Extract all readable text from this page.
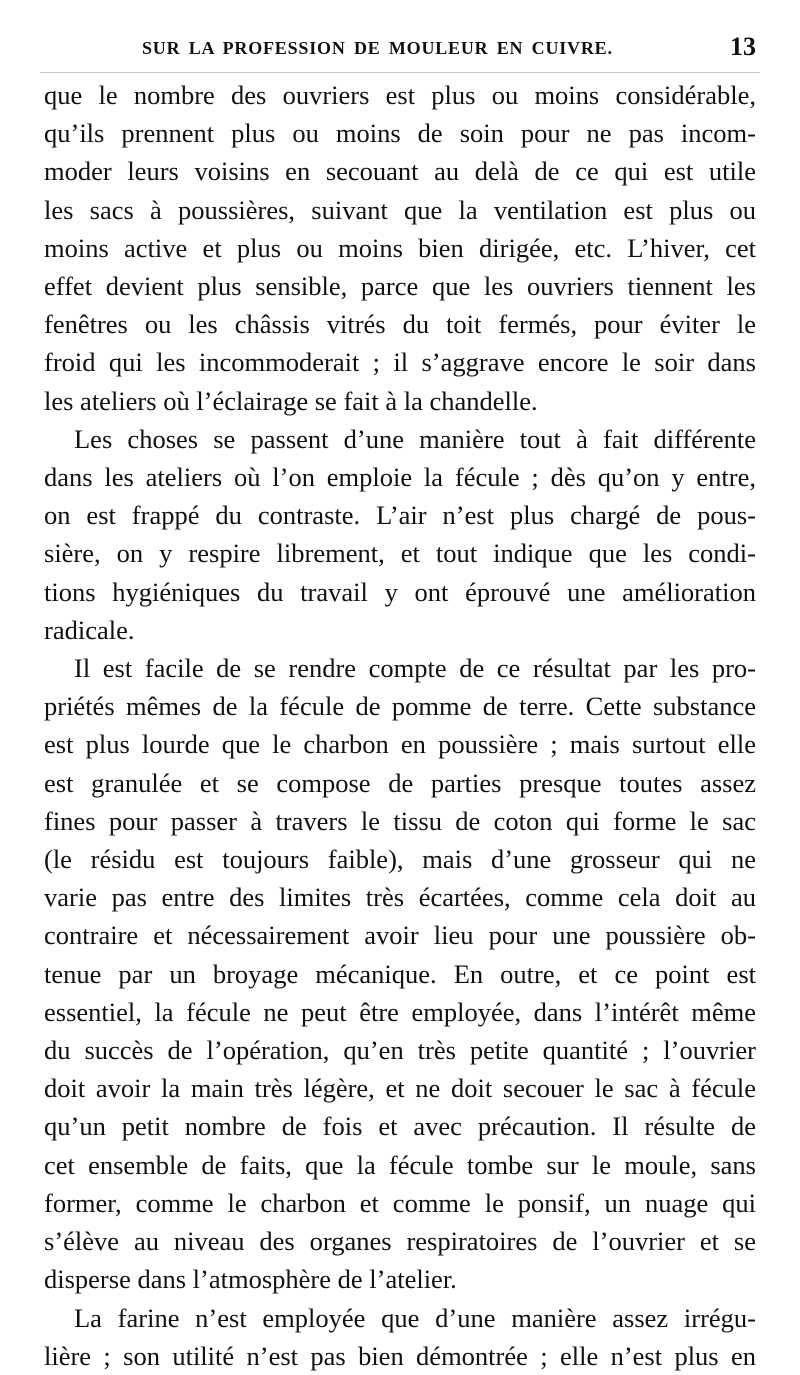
SUR LA PROFESSION DE MOULEUR EN CUIVRE.	13

que le nombre des ouvriers est plus ou moins considérable,
qu’ils prennent plus ou moins de soin pour ne pas incom-
moder leurs voisins en secouant au delà de ce qui est utile
les sacs à poussières, suivant que la ventilation est plus ou
moins active et plus ou moins bien dirigée, etc. L’hiver, cet
effet devient plus sensible, parce que les ouvriers tiennent les
fenêtres ou les châssis vitrés du toit fermés, pour éviter le
froid qui les incommoderait ; il s’aggrave encore le soir dans
les ateliers où l’éclairage se fait à la chandelle.

Les choses se passent d’une manière tout à fait différente
dans les ateliers où l’on emploie la fécule ; dès qu’on y entre,
on est frappé du contraste. L’air n’est plus chargé de pous-
sière, on y respire librement, et tout indique que les condi-
tions hygiéniques du travail y ont éprouvé une amélioration
radicale.

Il est facile de se rendre compte de ce résultat par les pro-
priétés mêmes de la fécule de pomme de terre. Cette substance
est plus lourde que le charbon en poussière ; mais surtout elle
est granulée et se compose de parties presque toutes assez
fines pour passer à travers le tissu de coton qui forme le sac
(le résidu est toujours faible), mais d’une grosseur qui ne
varie pas entre des limites très écartées, comme cela doit au
contraire et nécessairement avoir lieu pour une poussière ob-
tenue par un broyage mécanique. En outre, et ce point est
essentiel, la fécule ne peut être employée, dans l’intérêt même
du succès de l’opération, qu’en très petite quantité ; l’ouvrier
doit avoir la main très légère, et ne doit secouer le sac à fécule
qu’un petit nombre de fois et avec précaution. Il résulte de
cet ensemble de faits, que la fécule tombe sur le moule, sans
former, comme le charbon et comme le ponsif, un nuage qui
s’élève au niveau des organes respiratoires de l’ouvrier et se
disperse dans l’atmosphère de l’atelier.

La farine n’est employée que d’une manière assez irrégu-
lière ; son utilité n’est pas bien démontrée ; elle n’est plus en
